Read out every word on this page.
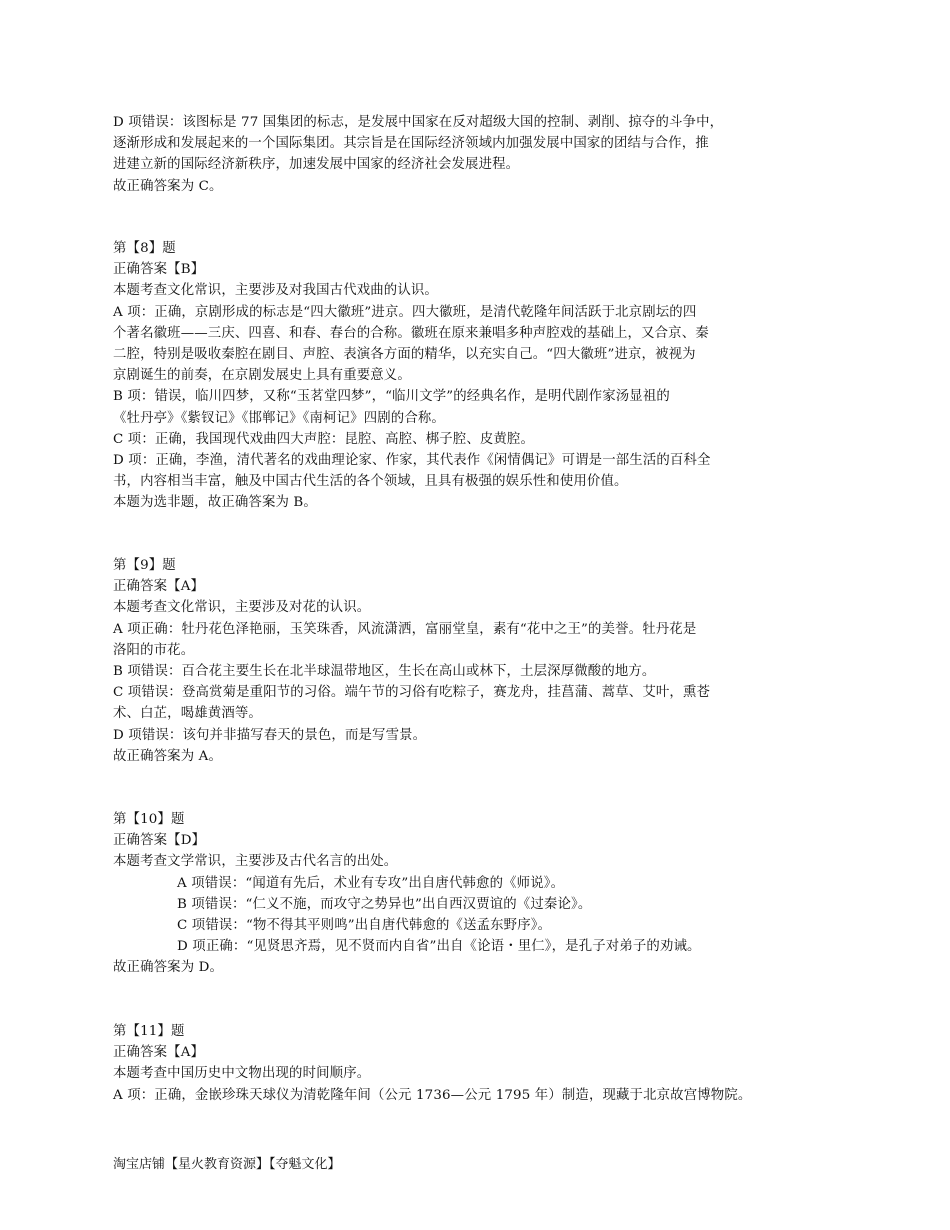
D 项错误：该图标是 77 国集团的标志，是发展中国家在反对超级大国的控制、剥削、掠夺的斗争中，
逐渐形成和发展起来的一个国际集团。其宗旨是在国际经济领域内加强发展中国家的团结与合作，推
进建立新的国际经济新秩序，加速发展中国家的经济社会发展进程。
故正确答案为 C。
第【8】题
正确答案【B】
本题考查文化常识，主要涉及对我国古代戏曲的认识。
A 项：正确，京剧形成的标志是“四大徽班”进京。四大徽班，是清代乾隆年间活跃于北京剧坛的四
个著名徽班——三庆、四喜、和春、春台的合称。徽班在原来兼唱多种声腔戏的基础上，又合京、秦
二腔，特别是吸收秦腔在剧目、声腔、表演各方面的精华，以充实自己。“四大徽班”进京，被视为
京剧诞生的前奏，在京剧发展史上具有重要意义。
B 项：错误，临川四梦，又称“玉茗堂四梦”，“临川文学”的经典名作，是明代剧作家汤显祖的
《牡丹亭》《紫钗记》《邯郸记》《南柯记》四剧的合称。
C 项：正确，我国现代戏曲四大声腔：昆腔、高腔、梆子腔、皮黄腔。
D 项：正确，李渔，清代著名的戏曲理论家、作家，其代表作《闲情偶记》可谓是一部生活的百科全
书，内容相当丰富，触及中国古代生活的各个领域，且具有极强的娱乐性和使用价值。
本题为选非题，故正确答案为 B。
第【9】题
正确答案【A】
本题考查文化常识，主要涉及对花的认识。
A 项正确：牡丹花色泽艳丽，玉笑珠香，风流潇洒，富丽堂皇，素有“花中之王”的美誉。牡丹花是
洛阳的市花。
B 项错误：百合花主要生长在北半球温带地区，生长在高山或林下，土层深厚微酸的地方。
C 项错误：登高赏菊是重阳节的习俗。端午节的习俗有吃粽子，赛龙舟，挂菖蒲、蒿草、艾叶，熏苍
术、白芷，喝雄黄酒等。
D 项错误：该句并非描写春天的景色，而是写雪景。
故正确答案为 A。
第【10】题
正确答案【D】
本题考查文学常识，主要涉及古代名言的出处。
A 项错误：“闻道有先后，术业有专攻”出自唐代韩愈的《师说》。
B 项错误：“仁义不施，而攻守之势异也”出自西汉贾谊的《过秦论》。
C 项错误：“物不得其平则鸣”出自唐代韩愈的《送孟东野序》。
D 项正确：“见贤思齐焉，见不贤而内自省”出自《论语・里仁》，是孔子对弟子的劝诫。
故正确答案为 D。
第【11】题
正确答案【A】
本题考查中国历史中文物出现的时间顺序。
A 项：正确，金嵌珍珠天球仪为清乾隆年间（公元 1736—公元 1795 年）制造，现藏于北京故宫博物院。
淘宝店铺【星火教育资源】【夺魁文化】
